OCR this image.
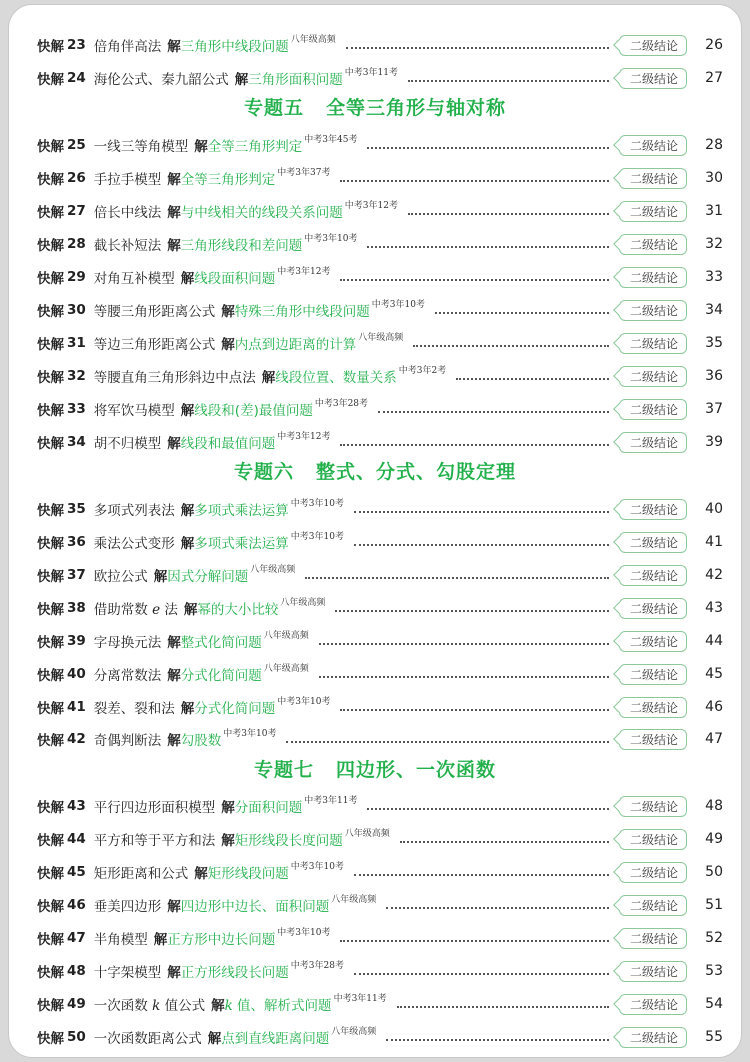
专题五 全等三角形与轴对称
专题六 整式、分式、勾股定理
专题七 四边形、一次函数
快解 23 倍角伴高法 解 三角形中线段问题 八年级高频	二级结论	26
快解 24 海伦公式、秦九韶公式 解 三角形面积问题 中考3年11考	二级结论	27
快解 25 一线三等角模型 解 全等三角形判定 中考3年45考	二级结论	28
快解 26 手拉手模型 解 全等三角形判定 中考3年37考	二级结论	30
快解 27 倍长中线法 解 与中线相关的线段关系问题 中考3年12考	二级结论	31
快解 28 截长补短法 解 三角形线段和差问题 中考3年10考	二级结论	32
快解 29 对角互补模型 解 线段面积问题 中考3年12考	二级结论	33
快解 30 等腰三角形距离公式 解 特殊三角形中线段问题 中考3年10考	二级结论	34
快解 31 等边三角形距离公式 解 内点到边距离的计算 八年级高频	二级结论	35
快解 32 等腰直角三角形斜边中点法 解 线段位置、数量关系 中考3年2考	二级结论	36
快解 33 将军饮马模型 解 线段和(差)最值问题 中考3年28考	二级结论	37
快解 34 胡不归模型 解 线段和最值问题 中考3年12考	二级结论	39
快解 35 多项式列表法 解 多项式乘法运算 中考3年10考	二级结论	40
快解 36 乘法公式变形 解 多项式乘法运算 中考3年10考	二级结论	41
快解 37 欧拉公式 解 因式分解问题 八年级高频	二级结论	42
快解 38 借助常数 e 法 解 幂的大小比较 八年级高频	二级结论	43
快解 39 字母换元法 解 整式化简问题 八年级高频	二级结论	44
快解 40 分离常数法 解 分式化简问题 八年级高频	二级结论	45
快解 41 裂差、裂和法 解 分式化简问题 中考3年10考	二级结论	46
快解 42 奇偶判断法 解 勾股数 中考3年10考	二级结论	47
快解 43 平行四边形面积模型 解 分面积问题 中考3年11考	二级结论	48
快解 44 平方和等于平方和法 解 矩形线段长度问题 八年级高频	二级结论	49
快解 45 矩形距离和公式 解 矩形线段问题 中考3年10考	二级结论	50
快解 46 垂美四边形 解 四边形中边长、面积问题 八年级高频	二级结论	51
快解 47 半角模型 解 正方形中边长问题 中考3年10考	二级结论	52
快解 48 十字架模型 解 正方形线段长问题 中考3年28考	二级结论	53
快解 49 一次函数 k 值公式 解 k 值、解析式问题 中考3年11考	二级结论	54
快解 50 一次函数距离公式 解 点到直线距离问题 八年级高频	二级结论	55
